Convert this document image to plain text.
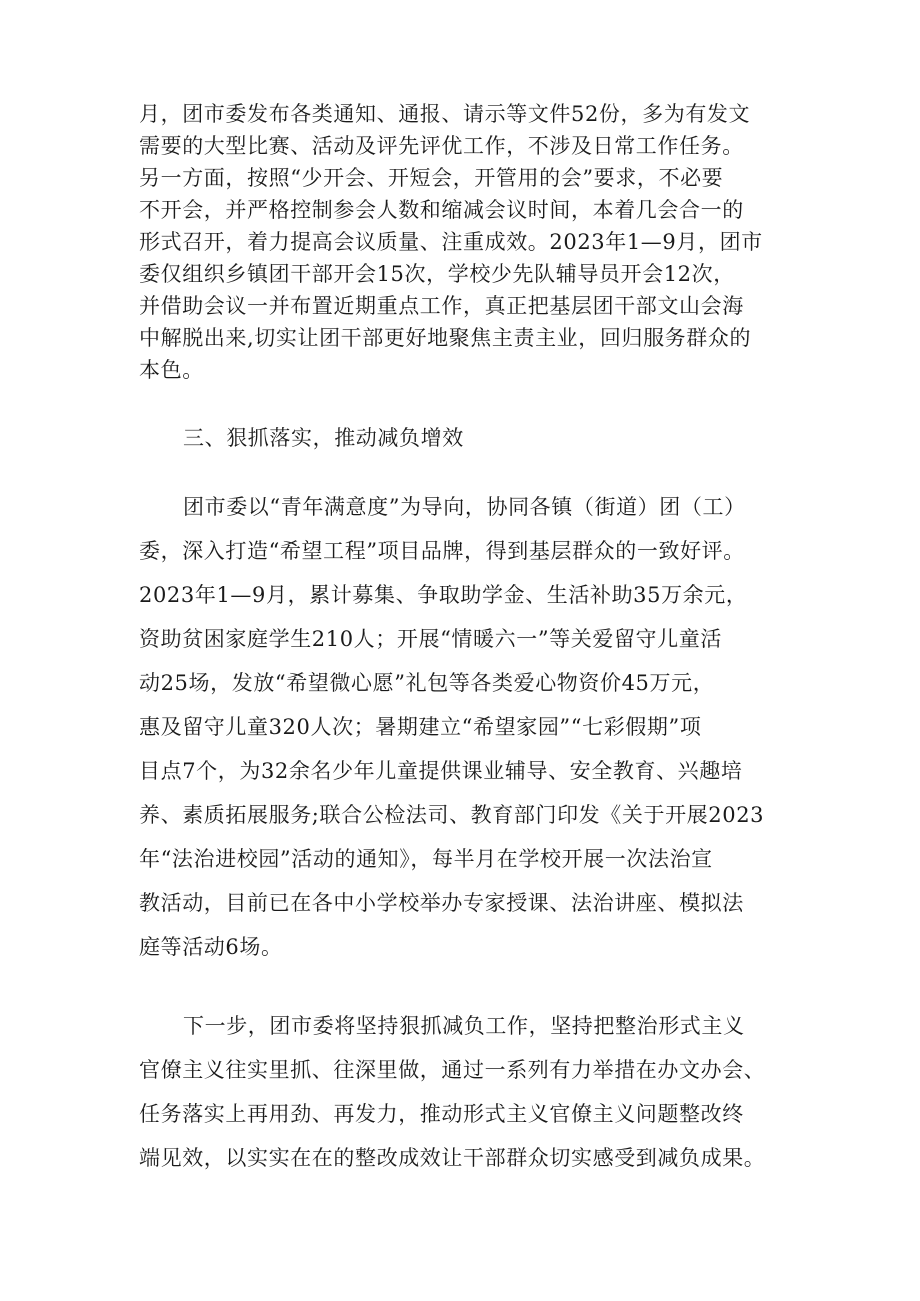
月，团市委发布各类通知、通报、请示等文件52份，多为有发文
需要的大型比赛、活动及评先评优工作，不涉及日常工作任务。
另一方面，按照“少开会、开短会，开管用的会”要求，不必要
不开会，并严格控制参会人数和缩减会议时间，本着几会合一的
形式召开，着力提高会议质量、注重成效。2023年1—9月，团市
委仅组织乡镇团干部开会15次，学校少先队辅导员开会12次，
并借助会议一并布置近期重点工作，真正把基层团干部文山会海
中解脱出来,切实让团干部更好地聚焦主责主业，回归服务群众的
本色。
三、狠抓落实，推动减负增效
团市委以“青年满意度”为导向，协同各镇（街道）团（工）
委，深入打造“希望工程”项目品牌，得到基层群众的一致好评。
2023年1—9月，累计募集、争取助学金、生活补助35万余元，
资助贫困家庭学生210人；开展“情暖六一”等关爱留守儿童活
动25场，发放“希望微心愿”礼包等各类爱心物资价45万元，
惠及留守儿童320人次；暑期建立“希望家园”“七彩假期”项
目点7个，为32余名少年儿童提供课业辅导、安全教育、兴趣培
养、素质拓展服务;联合公检法司、教育部门印发《关于开展2023
年“法治进校园”活动的通知》，每半月在学校开展一次法治宣
教活动，目前已在各中小学校举办专家授课、法治讲座、模拟法
庭等活动6场。
下一步，团市委将坚持狠抓减负工作，坚持把整治形式主义
官僚主义往实里抓、往深里做，通过一系列有力举措在办文办会、
任务落实上再用劲、再发力，推动形式主义官僚主义问题整改终
端见效，以实实在在的整改成效让干部群众切实感受到减负成果。
